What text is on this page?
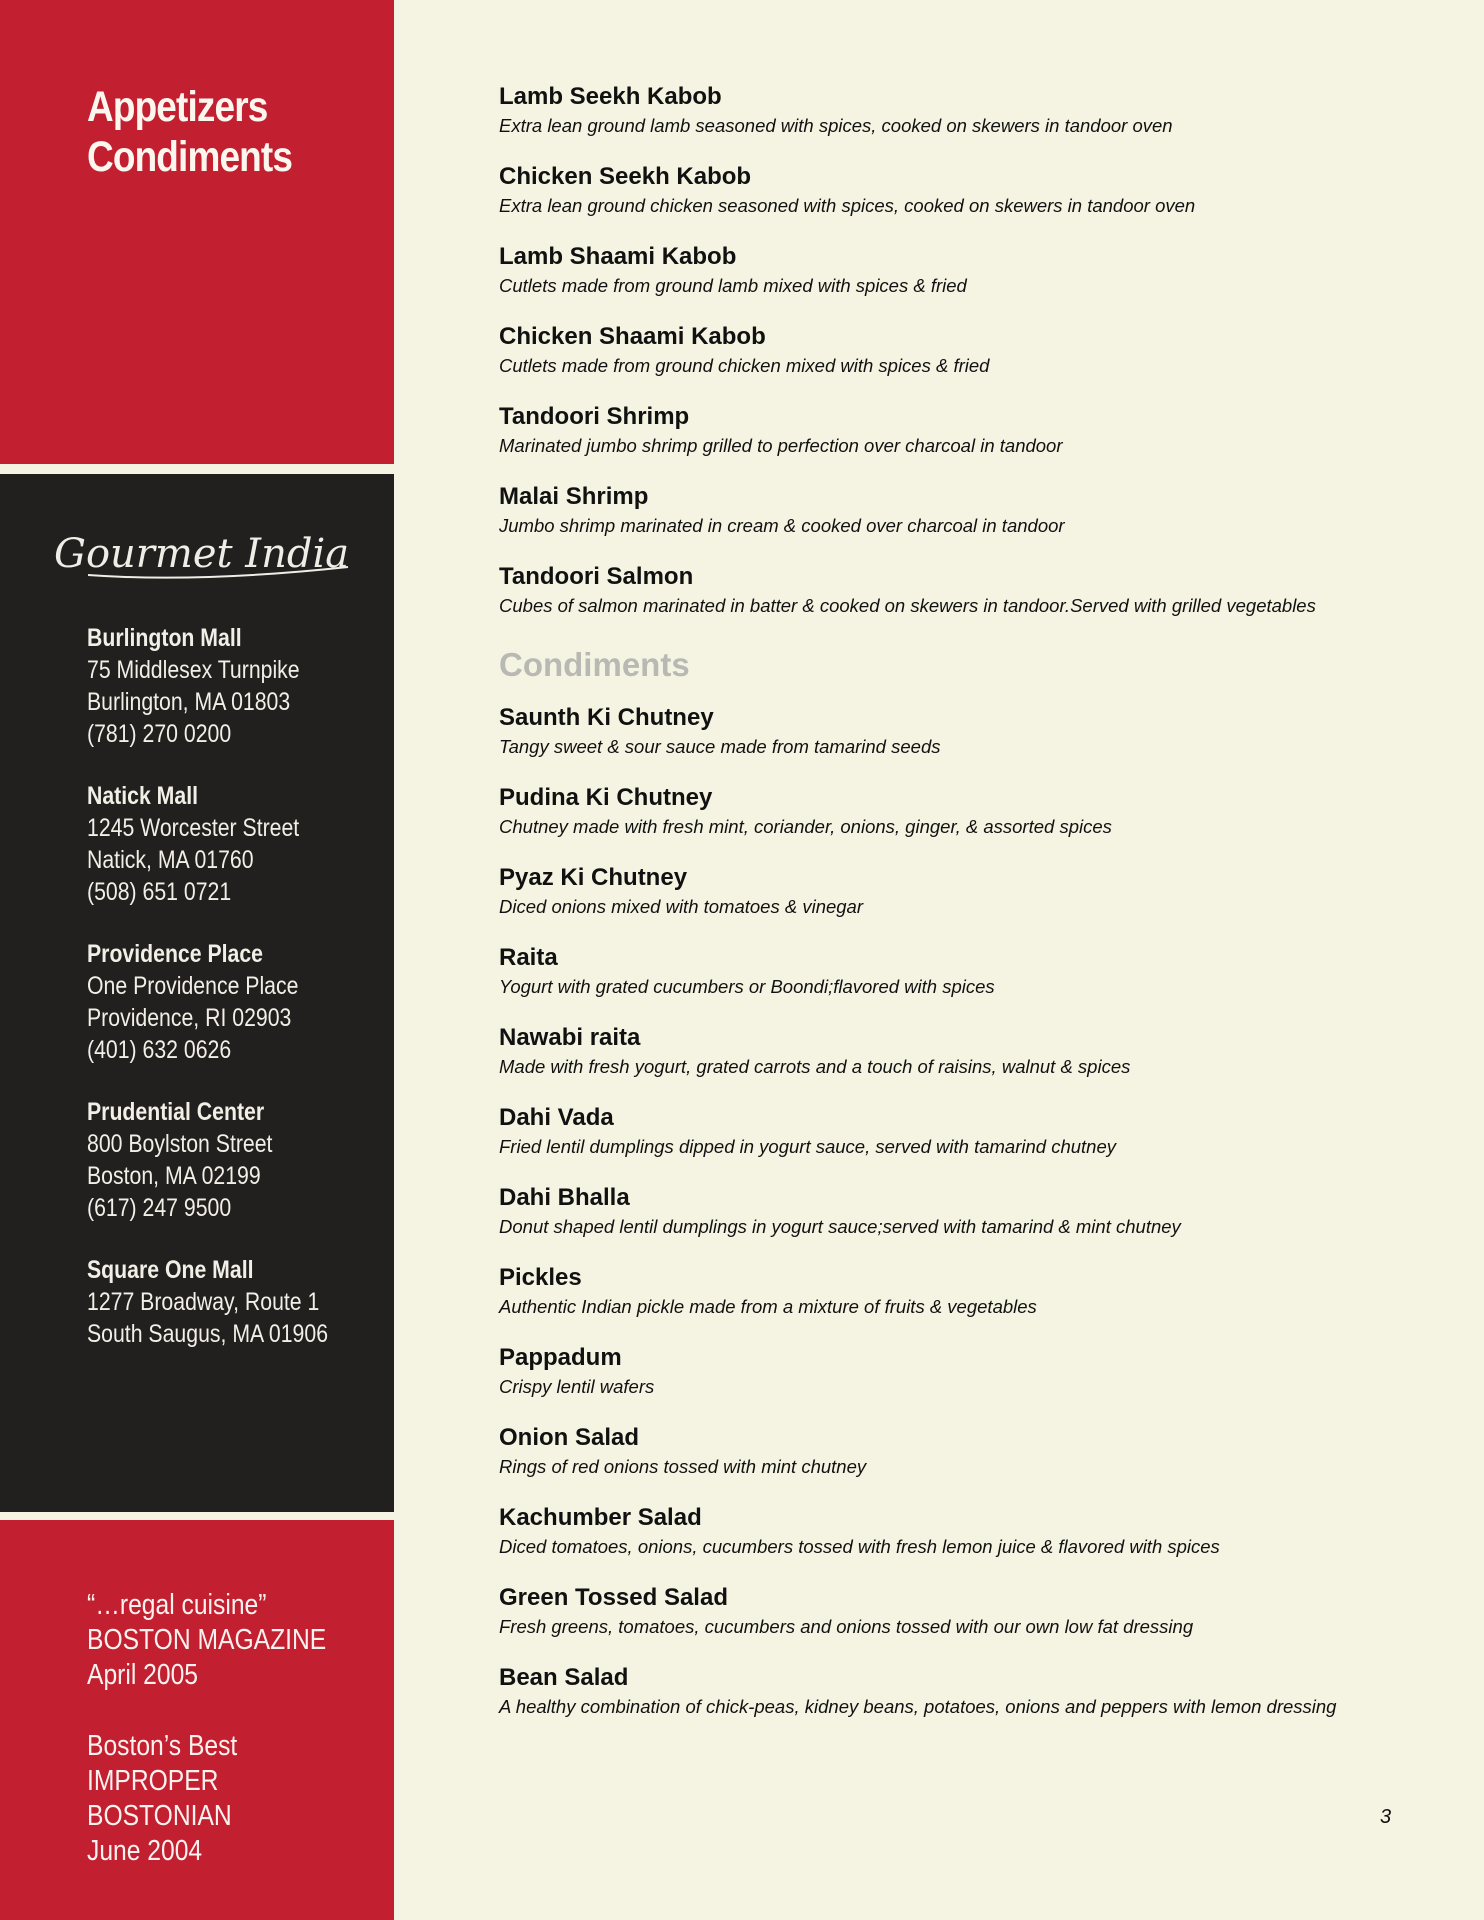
Appetizers
Condiments
Gourmet India
Burlington Mall
75 Middlesex Turnpike
Burlington, MA 01803
(781) 270 0200
Natick Mall
1245 Worcester Street
Natick, MA 01760
(508) 651 0721
Providence Place
One Providence Place
Providence, RI 02903
(401) 632 0626
Prudential Center
800 Boylston Street
Boston, MA 02199
(617) 247 9500
Square One Mall
1277 Broadway, Route 1
South Saugus, MA 01906
“…regal cuisine”
BOSTON MAGAZINE
April 2005
Boston’s Best
IMPROPER BOSTONIAN
June 2004
Lamb Seekh Kabob
Extra lean ground lamb seasoned with spices, cooked on skewers in tandoor oven
Chicken Seekh Kabob
Extra lean ground chicken seasoned with spices, cooked on skewers in tandoor oven
Lamb Shaami Kabob
Cutlets made from ground lamb mixed with spices & fried
Chicken Shaami Kabob
Cutlets made from ground chicken mixed with spices & fried
Tandoori Shrimp
Marinated jumbo shrimp grilled to perfection over charcoal in tandoor
Malai Shrimp
Jumbo shrimp marinated in cream & cooked over charcoal in tandoor
Tandoori Salmon
Cubes of salmon marinated in batter & cooked on skewers in tandoor.Served with grilled vegetables
Condiments
Saunth Ki Chutney
Tangy sweet & sour sauce made from tamarind seeds
Pudina Ki Chutney
Chutney made with fresh mint, coriander, onions, ginger, & assorted spices
Pyaz Ki Chutney
Diced onions mixed with tomatoes & vinegar
Raita
Yogurt with grated cucumbers or Boondi;flavored with spices
Nawabi raita
Made with fresh yogurt, grated carrots and a touch of raisins, walnut & spices
Dahi Vada
Fried lentil dumplings dipped in yogurt sauce, served with tamarind chutney
Dahi Bhalla
Donut shaped lentil dumplings in yogurt sauce;served with tamarind & mint chutney
Pickles
Authentic Indian pickle made from a mixture of fruits & vegetables
Pappadum
Crispy lentil wafers
Onion Salad
Rings of red onions tossed with mint chutney
Kachumber Salad
Diced tomatoes, onions, cucumbers tossed with fresh lemon juice & flavored with spices
Green Tossed Salad
Fresh greens, tomatoes, cucumbers and onions tossed with our own low fat dressing
Bean Salad
A healthy combination of chick-peas, kidney beans, potatoes, onions and peppers with lemon dressing
3
